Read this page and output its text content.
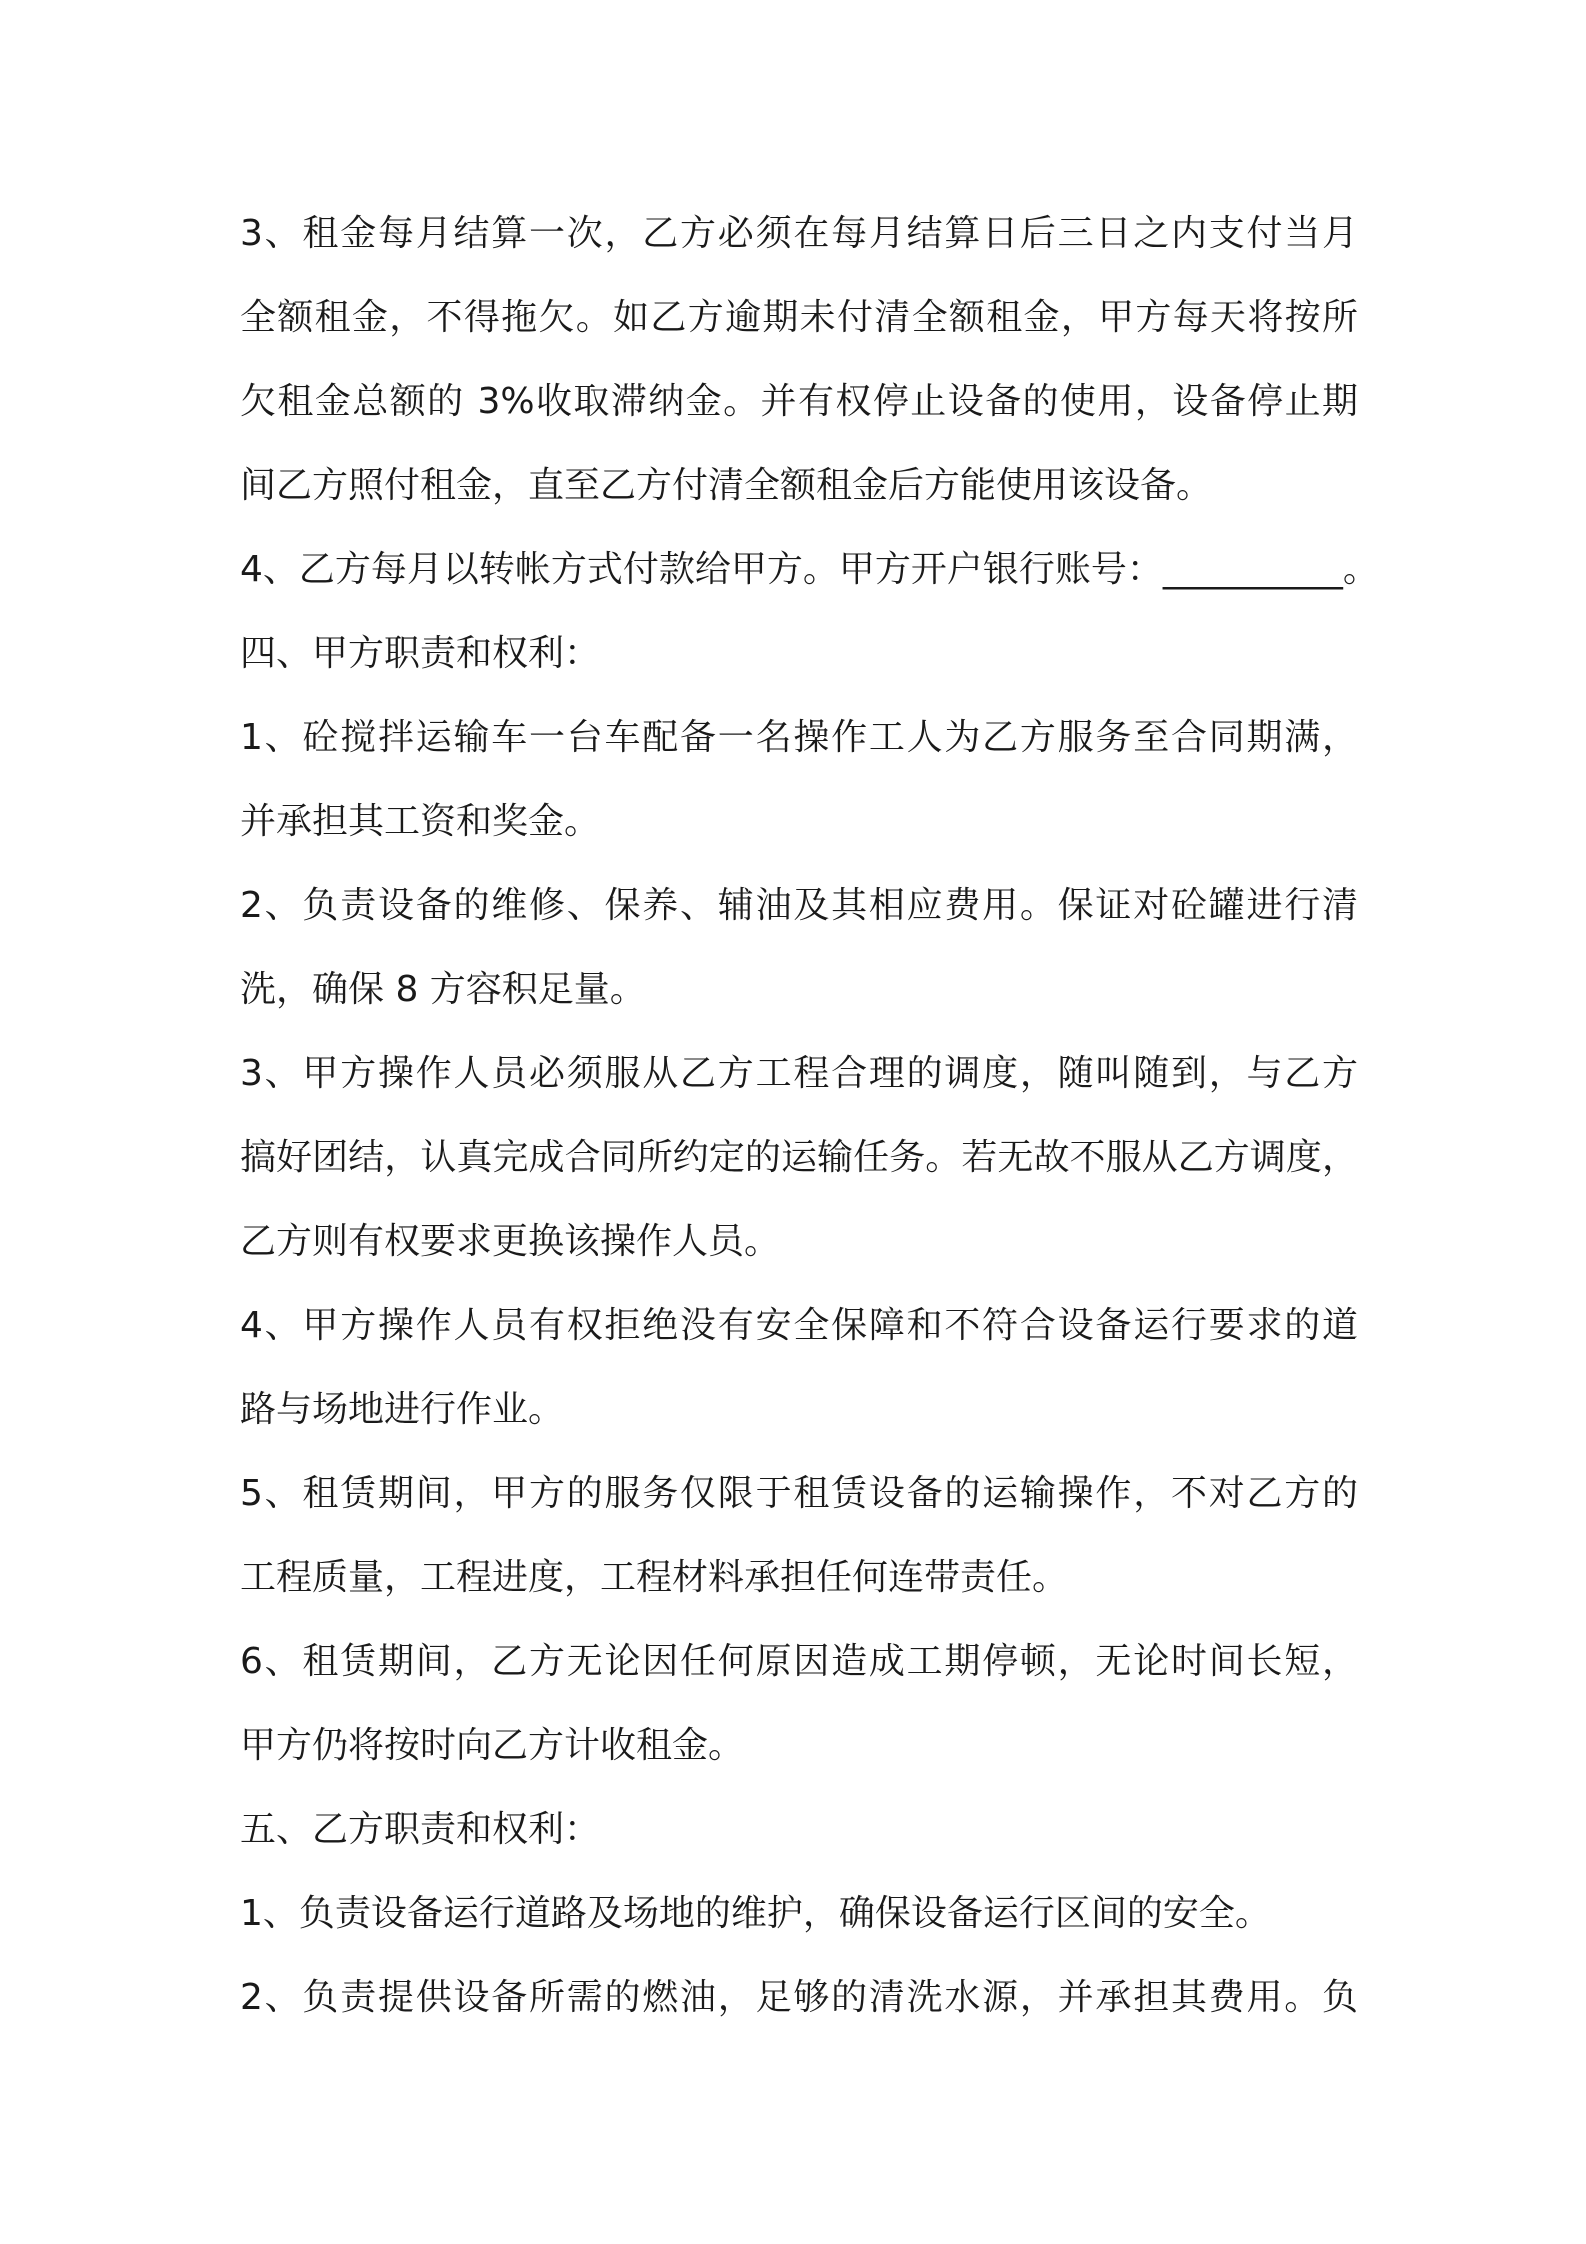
3、租金每月结算一次，乙方必须在每月结算日后三日之内支付当月
全额租金，不得拖欠。如乙方逾期未付清全额租金，甲方每天将按所
欠租金总额的 3%收取滞纳金。并有权停止设备的使用，设备停止期
间乙方照付租金，直至乙方付清全额租金后方能使用该设备。
4、乙方每月以转帐方式付款给甲方。甲方开户银行账号：__________。
四、甲方职责和权利：
1、砼搅拌运输车一台车配备一名操作工人为乙方服务至合同期满，
并承担其工资和奖金。
2、负责设备的维修、保养、辅油及其相应费用。保证对砼罐进行清
洗，确保 8 方容积足量。
3、甲方操作人员必须服从乙方工程合理的调度，随叫随到，与乙方
搞好团结，认真完成合同所约定的运输任务。若无故不服从乙方调度，
乙方则有权要求更换该操作人员。
4、甲方操作人员有权拒绝没有安全保障和不符合设备运行要求的道
路与场地进行作业。
5、租赁期间，甲方的服务仅限于租赁设备的运输操作，不对乙方的
工程质量，工程进度，工程材料承担任何连带责任。
6、租赁期间，乙方无论因任何原因造成工期停顿，无论时间长短，
甲方仍将按时向乙方计收租金。
五、乙方职责和权利：
1、负责设备运行道路及场地的维护，确保设备运行区间的安全。
2、负责提供设备所需的燃油，足够的清洗水源，并承担其费用。负
